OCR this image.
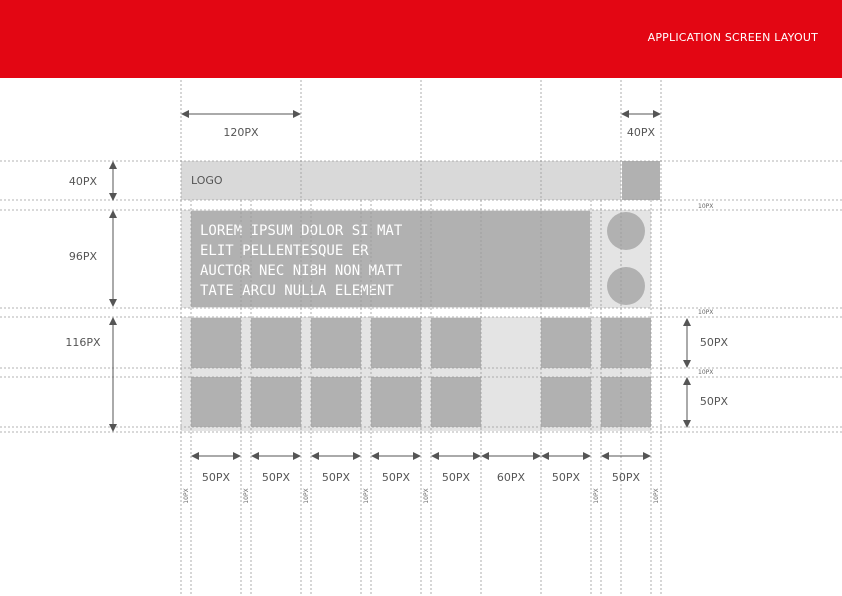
APPLICATION SCREEN LAYOUT
LOGO
LOREM IPSUM DOLOR SI MAT
ELIT PELLENTESQUE ER
AUCTOR NEC NIBH NON MATT
TATE ARCU NULLA ELEMENT
120PX	40PX
40PX
96PX
116PX	50PX
50PX
10PX
10PX
10PX
50PX	50PX	50PX	50PX	50PX 60PX 50PX	50PX
10PX	10PX	10PX	10PX	10PX	10PX	10PX
